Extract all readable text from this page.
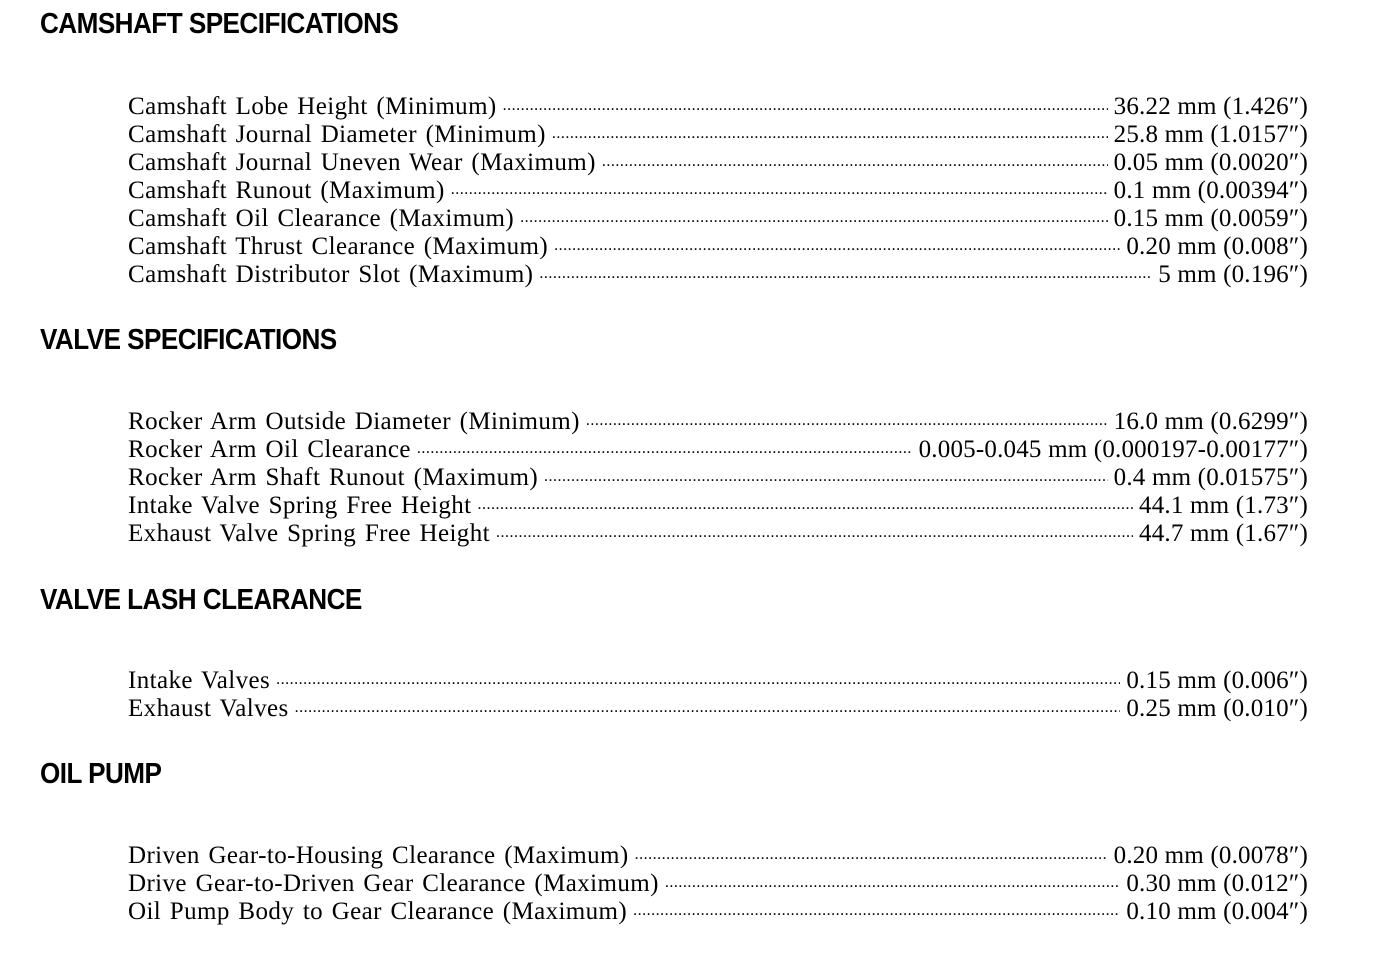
CAMSHAFT SPECIFICATIONS
Camshaft Lobe Height (Minimum) .....	36.22 mm (1.426″)
Camshaft Journal Diameter (Minimum) .....	25.8 mm (1.0157″)
Camshaft Journal Uneven Wear (Maximum) .....	0.05 mm (0.0020″)
Camshaft Runout (Maximum) .....	0.1 mm (0.00394″)
Camshaft Oil Clearance (Maximum) .....	0.15 mm (0.0059″)
Camshaft Thrust Clearance (Maximum) .....	0.20 mm (0.008″)
Camshaft Distributor Slot (Maximum) .....	5 mm (0.196″)
VALVE SPECIFICATIONS
Rocker Arm Outside Diameter (Minimum) .....	16.0 mm (0.6299″)
Rocker Arm Oil Clearance .....	0.005-0.045 mm (0.000197-0.00177″)
Rocker Arm Shaft Runout (Maximum) .....	0.4 mm (0.01575″)
Intake Valve Spring Free Height .....	44.1 mm (1.73″)
Exhaust Valve Spring Free Height .....	44.7 mm (1.67″)
VALVE LASH CLEARANCE
Intake Valves .....	0.15 mm (0.006″)
Exhaust Valves .....	0.25 mm (0.010″)
OIL PUMP
Driven Gear-to-Housing Clearance (Maximum) .....	0.20 mm (0.0078″)
Drive Gear-to-Driven Gear Clearance (Maximum) .....	0.30 mm (0.012″)
Oil Pump Body to Gear Clearance (Maximum) .....	0.10 mm (0.004″)
